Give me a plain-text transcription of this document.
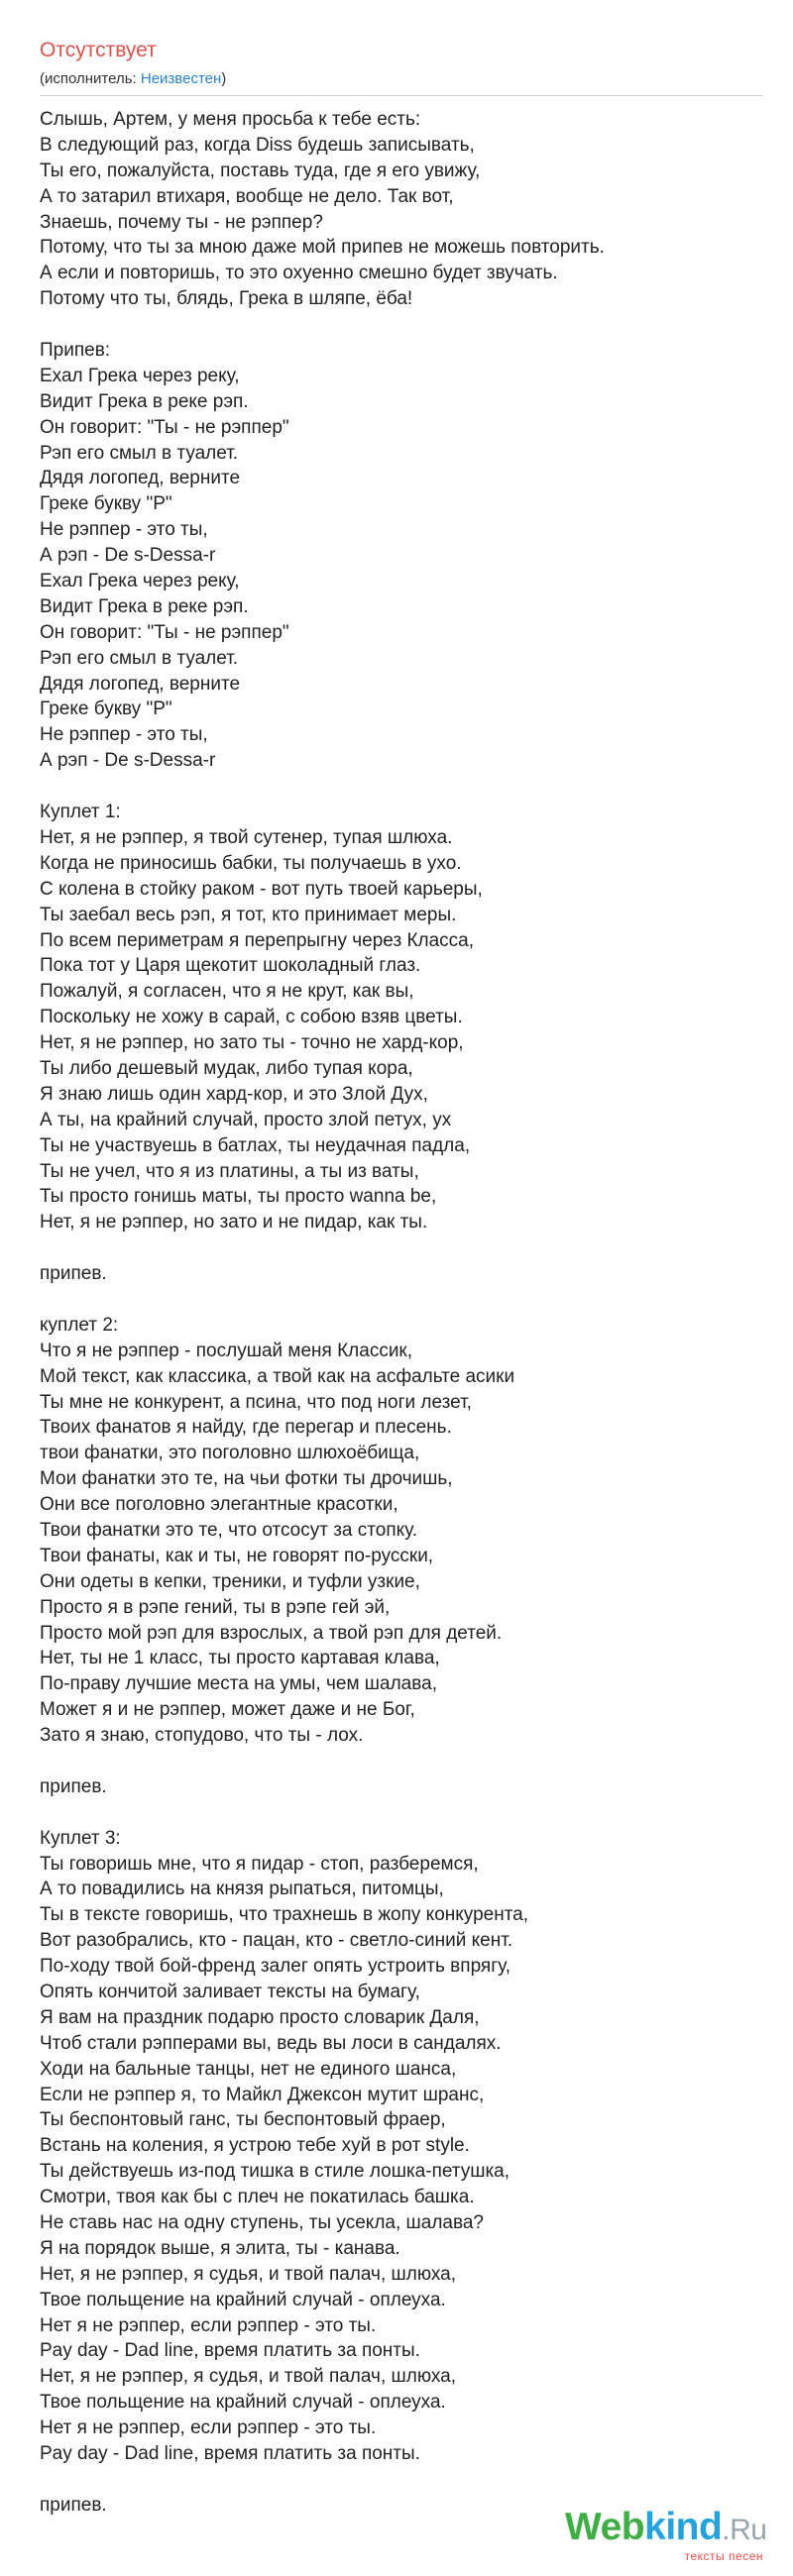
Отсутствует
(исполнитель: Неизвестен)
Слышь, Артем, у меня просьба к тебе есть:
В следующий раз, когда Diss будешь записывать,
Ты его, пожалуйста, поставь туда, где я его увижу,
А то затарил втихаря, вообще не дело. Так вот,
Знаешь, почему ты - не рэппер?
Потому, что ты за мною даже мой припев не можешь повторить.
А если и повторишь, то это охуенно смешно будет звучать.
Потому что ты, блядь, Грека в шляпе, ёба!
Припев:
Ехал Грека через реку,
Видит Грека в реке рэп.
Он говорит: "Ты - не рэппер"
Рэп его смыл в туалет.
Дядя логопед, верните
Греке букву "Р"
Не рэппер - это ты,
А рэп - De s-Dessa-r
Ехал Грека через реку,
Видит Грека в реке рэп.
Он говорит: "Ты - не рэппер"
Рэп его смыл в туалет.
Дядя логопед, верните
Греке букву "Р"
Не рэппер - это ты,
А рэп - De s-Dessa-r
Куплет 1:
Нет, я не рэппер, я твой сутенер, тупая шлюха.
Когда не приносишь бабки, ты получаешь в ухо.
С колена в стойку раком - вот путь твоей карьеры,
Ты заебал весь рэп, я тот, кто принимает меры.
По всем периметрам я перепрыгну через Класса,
Пока тот у Царя щекотит шоколадный глаз.
Пожалуй, я согласен, что я не крут, как вы,
Поскольку не хожу в сарай, с собою взяв цветы.
Нет, я не рэппер, но зато ты - точно не хард-кор,
Ты либо дешевый мудак, либо тупая кора,
Я знаю лишь один хард-кор, и это Злой Дух,
А ты, на крайний случай, просто злой петух, ух
Ты не участвуешь в батлах, ты неудачная падла,
Ты не учел, что я из платины, а ты из ваты,
Ты просто гонишь маты, ты просто wanna be,
Нет, я не рэппер, но зато и не пидар, как ты.
припев.
куплет 2:
Что я не рэппер - послушай меня Классик,
Мой текст, как классика, а твой как на асфальте асики
Ты мне не конкурент, а псина, что под ноги лезет,
Твоих фанатов я найду, где перегар и плесень.
твои фанатки, это поголовно шлюхоёбища,
Мои фанатки это те, на чьи фотки ты дрочишь,
Они все поголовно элегантные красотки,
Твои фанатки это те, что отсосут за стопку.
Твои фанаты, как и ты, не говорят по-русски,
Они одеты в кепки, треники, и туфли узкие,
Просто я в рэпе гений, ты в рэпе гей эй,
Просто мой рэп для взрослых, а твой рэп для детей.
Нет, ты не 1 класс, ты просто картавая клава,
По-праву лучшие места на умы, чем шалава,
Может я и не рэппер, может даже и не Бог,
Зато я знаю, стопудово, что ты - лох.
припев.
Куплет 3:
Ты говоришь мне, что я пидар - стоп, разберемся,
А то повадились на князя рыпаться, питомцы,
Ты в тексте говоришь, что трахнешь в жопу конкурента,
Вот разобрались, кто - пацан, кто - светло-синий кент.
По-ходу твой бой-френд залег опять устроить впрягу,
Опять кончитой заливает тексты на бумагу,
Я вам на праздник подарю просто словарик Даля,
Чтоб стали рэпперами вы, ведь вы лоси в сандалях.
Ходи на бальные танцы, нет не единого шанса,
Если не рэппер я, то Майкл Джексон мутит шранс,
Ты беспонтовый ганс, ты беспонтовый фраер,
Встань на коления, я устрою тебе хуй в рот style.
Ты действуешь из-под тишка в стиле лошка-петушка,
Смотри, твоя как бы с плеч не покатилась башка.
Не ставь нас на одну ступень, ты усекла, шалава?
Я на порядок выше, я элита, ты - канава.
Нет, я не рэппер, я судья, и твой палач, шлюха,
Твое польщение на крайний случай - оплеуха.
Нет я не рэппер, если рэппер - это ты.
Pay day - Dad line, время платить за понты.
Нет, я не рэппер, я судья, и твой палач, шлюха,
Твое польщение на крайний случай - оплеуха.
Нет я не рэппер, если рэппер - это ты.
Pay day - Dad line, время платить за понты.
припев.
Webkind.Ru
тексты песен
